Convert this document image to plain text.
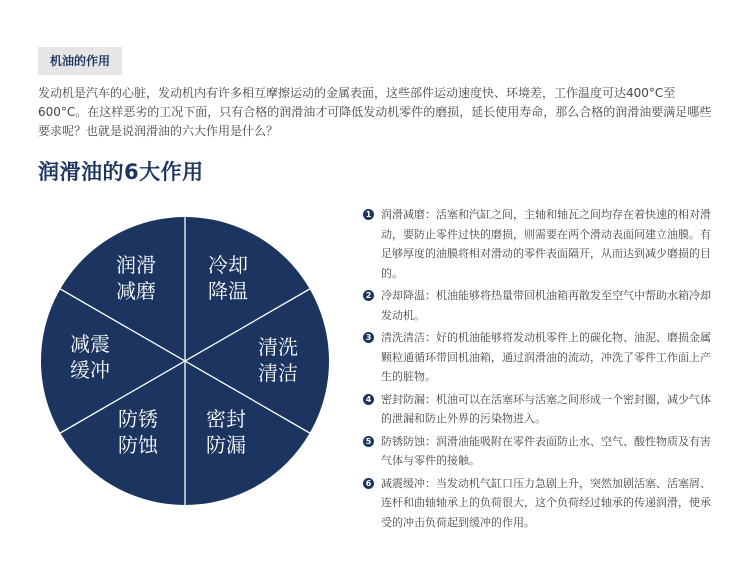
机油的作用

发动机是汽车的心脏，发动机内有许多相互摩擦运动的金属表面，这些部件运动速度快、环境差，工作温度可达400°C至600°C。在这样恶劣的工况下面，只有合格的润滑油才可降低发动机零件的磨损，延长使用寿命，那么合格的润滑油要满足哪些要求呢？也就是说润滑油的六大作用是什么？

润滑油的6大作用
润滑
减磨
冷却
降温
清洗
清洁
密封
防漏
防锈
防蚀
减震
缓冲
1 润滑减磨：活塞和汽缸之间，主轴和轴瓦之间均存在着快速的相对滑动，要防止零件过快的磨损，则需要在两个滑动表面间建立油膜。有足够厚度的油膜将相对滑动的零件表面隔开，从而达到减少磨损的目的。
2 冷却降温：机油能够将热量带回机油箱再散发至空气中帮助水箱冷却发动机。
3 清洗清洁：好的机油能够将发动机零件上的碳化物、油泥、磨损金属颗粒通循环带回机油箱，通过润滑油的流动，冲洗了零件工作面上产生的脏物。
4 密封防漏：机油可以在活塞环与活塞之间形成一个密封圈，减少气体的泄漏和防止外界的污染物进入。
5 防锈防蚀：润滑油能吸附在零件表面防止水、空气、酸性物质及有害气体与零件的接触。
6 减震缓冲：当发动机气缸口压力急剧上升，突然加剧活塞、活塞屑、连杆和曲轴轴承上的负荷很大，这个负荷经过轴承的传递润滑，使承受的冲击负荷起到缓冲的作用。
